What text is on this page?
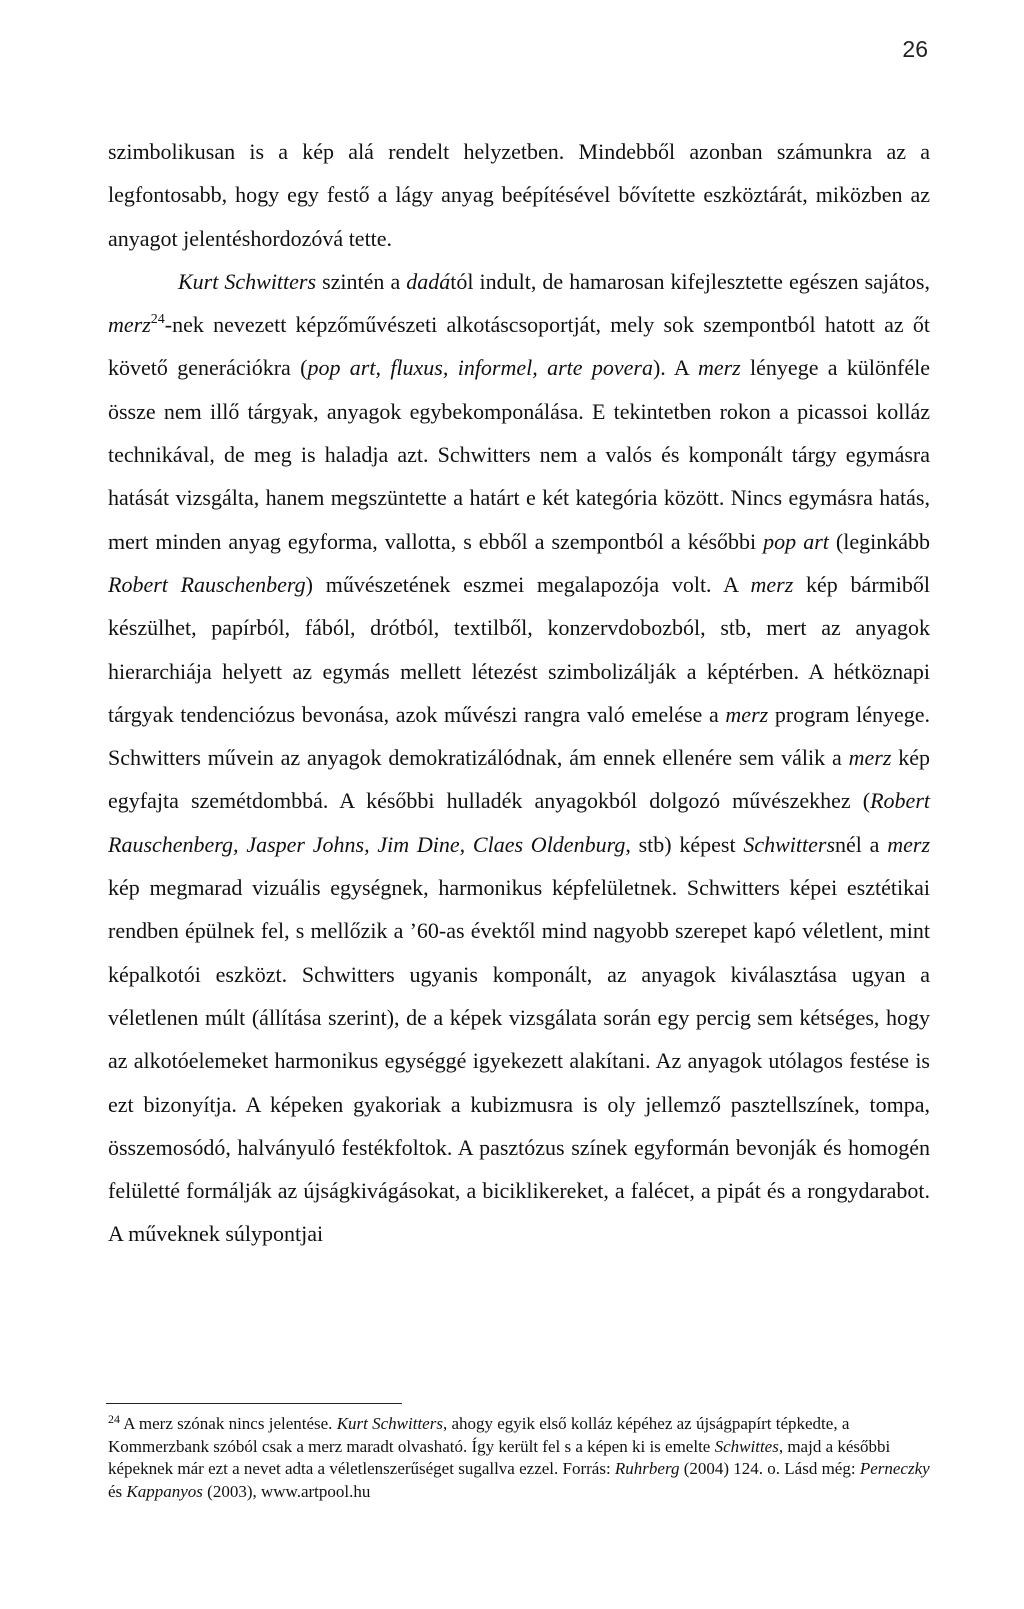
26

szimbolikusan is a kép alá rendelt helyzetben. Mindebből azonban számunkra az a legfontosabb, hogy egy festő a lágy anyag beépítésével bővítette eszköztárát, miközben az anyagot jelentéshordozóvá tette.

Kurt Schwitters szintén a dadától indult, de hamarosan kifejlesztette egészen sajátos, merz$^{24}$-nek nevezett képzőművészeti alkotáscsoportját, mely sok szempontból hatott az őt követő generációkra (pop art, fluxus, informel, arte povera). A merz lényege a különféle össze nem illő tárgyak, anyagok egybekomponálása. E tekintetben rokon a picassoi kolláz technikával, de meg is haladja azt. Schwitters nem a valós és komponált tárgy egymásra hatását vizsgálta, hanem megszüntette a határt e két kategória között. Nincs egymásra hatás, mert minden anyag egyforma, vallotta, s ebből a szempontból a későbbi pop art (leginkább Robert Rauschenberg) művészetének eszmei megalapozója volt. A merz kép bármiből készülhet, papírból, fából, drótból, textilből, konzervdobozból, stb, mert az anyagok hierarchiája helyett az egymás mellett létezést szimbolizálják a képtérben. A hétköznapi tárgyak tendenciózus bevonása, azok művészi rangra való emelése a merz program lényege. Schwitters művein az anyagok demokratizálódnak, ám ennek ellenére sem válik a merz kép egyfajta szemétdombbá. A későbbi hulladék anyagokból dolgozó művészekhez (Robert Rauschenberg, Jasper Johns, Jim Dine, Claes Oldenburg, stb) képest Schwittersnél a merz kép megmarad vizuális egységnek, harmonikus képfelületnek. Schwitters képei esztétikai rendben épülnek fel, s mellőzik a ’60-as évektől mind nagyobb szerepet kapó véletlent, mint képalkotói eszközt. Schwitters ugyanis komponált, az anyagok kiválasztása ugyan a véletlenen múlt (állítása szerint), de a képek vizsgálata során egy percig sem kétséges, hogy az alkotóelemeket harmonikus egységgé igyekezett alakítani. Az anyagok utólagos festése is ezt bizonyítja. A képeken gyakoriak a kubizmusra is oly jellemző pasztellszínek, tompa, összemosódó, halványuló festékfoltok. A pasztózus színek egyformán bevonják és homogén felületté formálják az újságkivágásokat, a biciklikereket, a falécet, a pipát és a rongydarabot. A műveknek súlypontjai

$^{24}$ A merz szónak nincs jelentése. Kurt Schwitters, ahogy egyik első kolláz képéhez az újságpapírt tépkedte, a Kommerzbank szóból csak a merz maradt olvasható. Így került fel s a képen ki is emelte Schwittes, majd a későbbi képeknek már ezt a nevet adta a véletlenszerűséget sugallva ezzel. Forrás: Ruhrberg (2004) 124. o. Lásd még: Perneczky és Kappanyos (2003), www.artpool.hu
